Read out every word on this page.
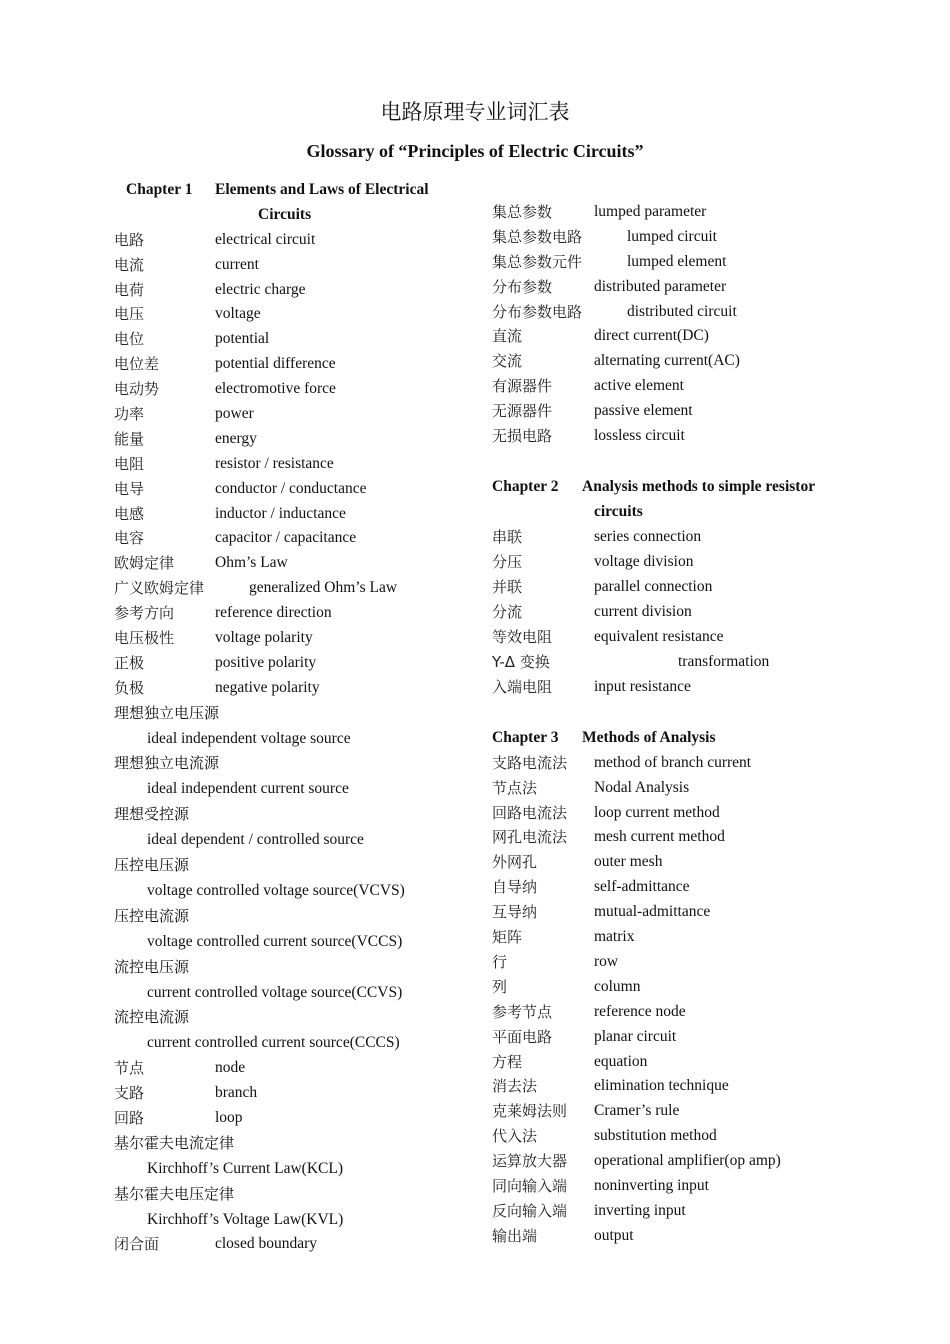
电路原理专业词汇表
Glossary of “Principles of Electric Circuits”
Chapter 1 Elements and Laws of Electrical
Circuits
电路	electrical circuit
电流	current
电荷	electric charge
电压	voltage
电位	potential
电位差	potential difference
电动势	electromotive force
功率	power
能量	energy
电阻	resistor / resistance
电导	conductor / conductance
电感	inductor / inductance
电容	capacitor / capacitance
欧姆定律	Ohm’s Law
广义欧姆定律	generalized Ohm’s Law
参考方向	reference direction
电压极性	voltage polarity
正极	positive polarity
负极	negative polarity
理想独立电压源
ideal independent voltage source
理想独立电流源
ideal independent current source
理想受控源
ideal dependent / controlled source
压控电压源
voltage controlled voltage source(VCVS)
压控电流源
voltage controlled current source(VCCS)
流控电压源
current controlled voltage source(CCVS)
流控电流源
current controlled current source(CCCS)
节点	node
支路	branch
回路	loop
基尔霍夫电流定律
Kirchhoff’s Current Law(KCL)
基尔霍夫电压定律
Kirchhoff’s Voltage Law(KVL)
闭合面	closed boundary
集总参数	lumped parameter
集总参数电路	lumped circuit
集总参数元件	lumped element
分布参数	distributed parameter
分布参数电路	distributed circuit
直流	direct current(DC)
交流	alternating current(AC)
有源器件	active element
无源器件	passive element
无损电路	lossless circuit
Chapter 2 Analysis methods to simple resistor
circuits
串联	series connection
分压	voltage division
并联	parallel connection
分流	current division
等效电阻	equivalent resistance
Y-Δ 变换	transformation
入端电阻	input resistance
Chapter 3 Methods of Analysis
支路电流法 method of branch current
节点法	Nodal Analysis
回路电流法 loop current method
网孔电流法 mesh current method
外网孔	outer mesh
自导纳	self-admittance
互导纳	mutual-admittance
矩阵	matrix
行	row
列	column
参考节点	reference node
平面电路	planar circuit
方程	equation
消去法	elimination technique
克莱姆法则 Cramer’s rule
代入法	substitution method
运算放大器 operational amplifier(op amp)
同向输入端 noninverting input
反向输入端 inverting input
输出端	output
